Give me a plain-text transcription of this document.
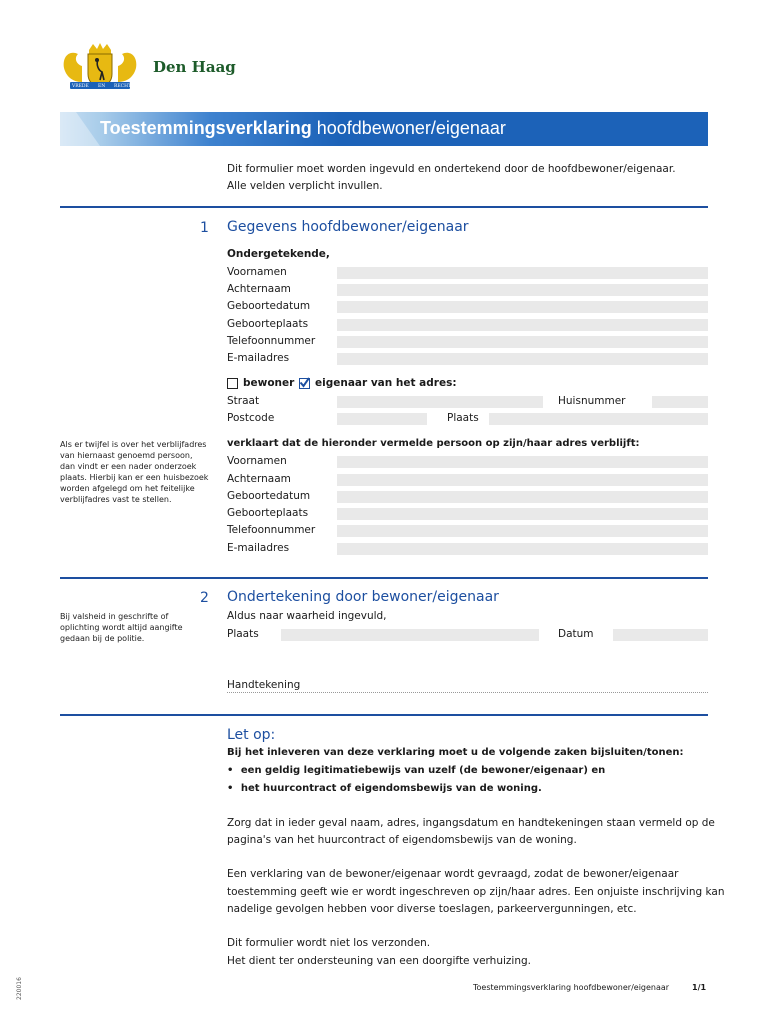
VREDE EN RECHT
Den Haag
Toestemmingsverklaring hoofdbewoner/eigenaar
Dit formulier moet worden ingevuld en ondertekend door de hoofdbewoner/eigenaar.
Alle velden verplicht invullen.
1 Gegevens hoofdbewoner/eigenaar
Ondergetekende,
Voornamen
Achternaam
Geboortedatum
Geboorteplaats
Telefoonnummer
E-mailadres
bewoner eigenaar van het adres:
Straat	Huisnummer
Postcode	Plaats
Als er twijfel is over het verblijfadres
van hiernaast genoemd persoon,
dan vindt er een nader onderzoek
plaats. Hierbij kan er een huisbezoek
worden afgelegd om het feitelijke
verblijfadres vast te stellen.
verklaart dat de hieronder vermelde persoon op zijn/haar adres verblijft:
Voornamen
Achternaam
Geboortedatum
Geboorteplaats
Telefoonnummer
E-mailadres
2 Ondertekening door bewoner/eigenaar
Bij valsheid in geschrifte of
oplichting wordt altijd aangifte
gedaan bij de politie.
Aldus naar waarheid ingevuld,
Plaats	Datum
Handtekening
Let op:
Bij het inleveren van deze verklaring moet u de volgende zaken bijsluiten/tonen:
• een geldig legitimatiebewijs van uzelf (de bewoner/eigenaar) en
• het huurcontract of eigendomsbewijs van de woning.
Zorg dat in ieder geval naam, adres, ingangsdatum en handtekeningen staan vermeld op de
pagina's van het huurcontract of eigendomsbewijs van de woning.
Een verklaring van de bewoner/eigenaar wordt gevraagd, zodat de bewoner/eigenaar
toestemming geeft wie er wordt ingeschreven op zijn/haar adres. Een onjuiste inschrijving kan
nadelige gevolgen hebben voor diverse toeslagen, parkeervergunningen, etc.
Dit formulier wordt niet los verzonden.
Het dient ter ondersteuning van een doorgifte verhuizing.
220016	Toestemmingsverklaring hoofdbewoner/eigenaar	1/1
